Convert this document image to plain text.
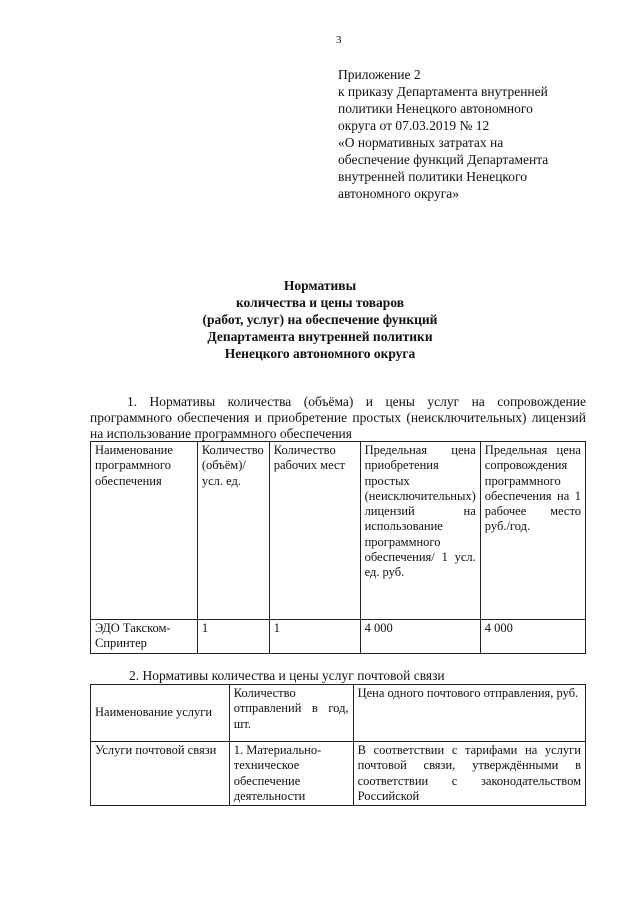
3
Приложение 2
к приказу Департамента внутренней
политики Ненецкого автономного
округа от 07.03.2019 № 12
«О нормативных затратах на
обеспечение функций Департамента
внутренней политики Ненецкого
автономного округа»
Нормативы
количества и цены товаров
(работ, услуг) на обеспечение функций
Департамента внутренней политики
Ненецкого автономного округа
1. Нормативы количества (объёма) и цены услуг на сопровождение программного обеспечения и приобретение простых (неисключительных) лицензий на использование программного обеспечения
Наименование программного обеспечения	Количество (объём)/ усл. ед.	Количество рабочих мест	Предельная цена приобретения простых (неисключительных) лицензий на использование программного обеспечения/ 1 усл. ед. руб.	Предельная цена сопровождения программного обеспечения на 1 рабочее место руб./год.
ЭДО Такском-Спринтер	1	1	4 000	4 000
2. Нормативы количества и цены услуг почтовой связи
Наименование услуги	Количество отправлений в год, шт.	Цена одного почтового отправления, руб.
Услуги почтовой связи	1. Материально-техническое обеспечение деятельности	В соответствии с тарифами на услуги почтовой связи, утверждёнными в соответствии с законодательством Российской
